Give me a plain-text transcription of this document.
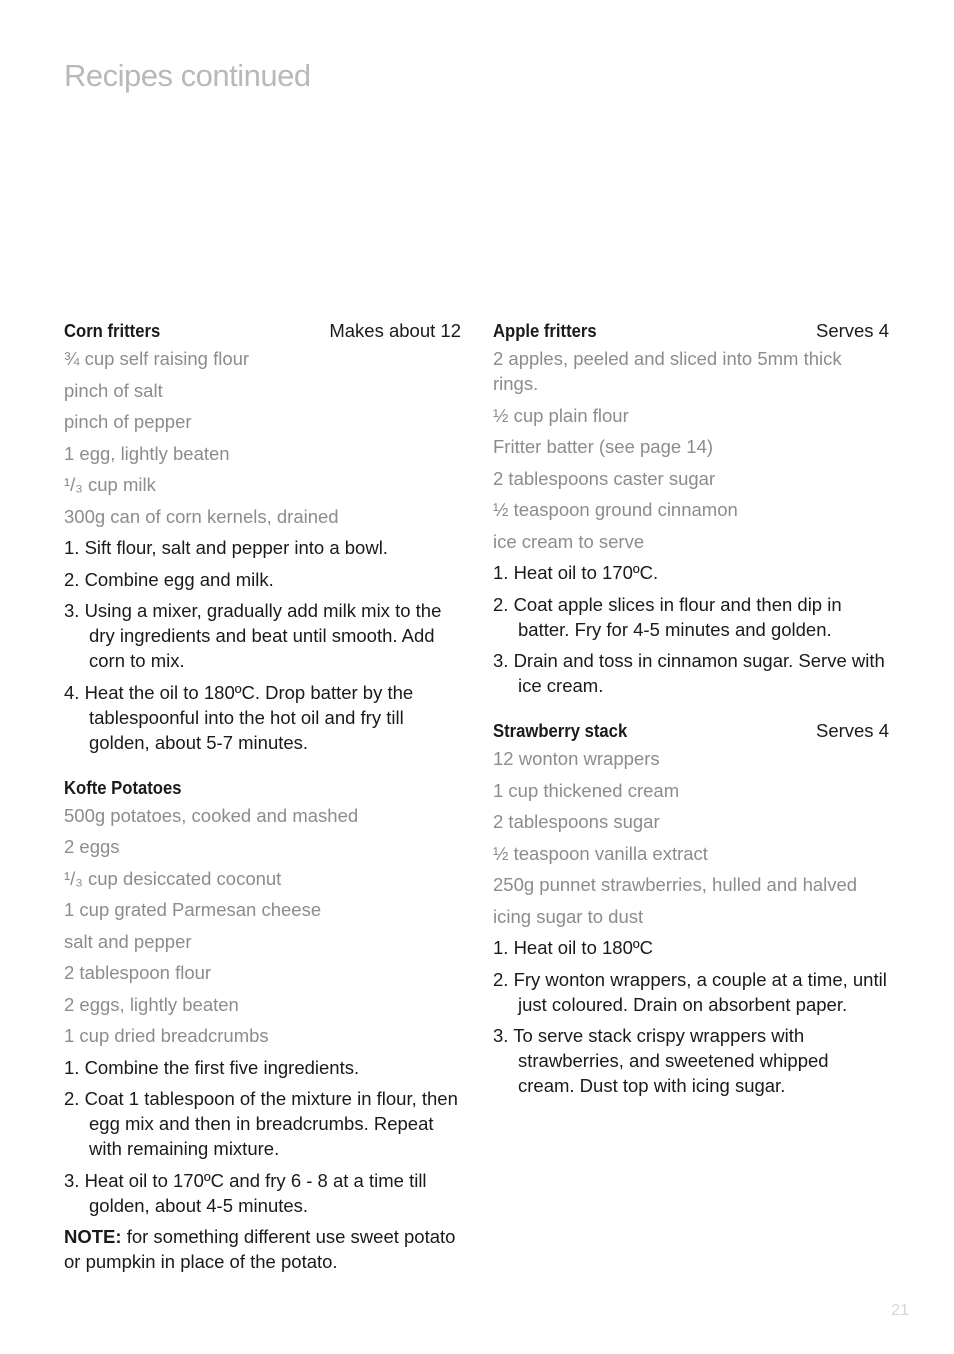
Recipes continued
Corn fritters	Makes about 12
¾ cup self raising flour
pinch of salt
pinch of pepper
1 egg, lightly beaten
¹/₃ cup milk
300g can of corn kernels, drained
1. Sift flour, salt and pepper into a bowl.
2. Combine egg and milk.
3. Using a mixer, gradually add milk mix to the dry ingredients and beat until smooth. Add corn to mix.
4. Heat the oil to 180ºC. Drop batter by the tablespoonful into the hot oil and fry till golden, about 5-7 minutes.
Kofte Potatoes
500g potatoes, cooked and mashed
2 eggs
¹/₃ cup desiccated coconut
1 cup grated Parmesan cheese
salt and pepper
2 tablespoon flour
2 eggs, lightly beaten
1 cup dried breadcrumbs
1. Combine the first five ingredients.
2. Coat 1 tablespoon of the mixture in flour, then egg mix and then in breadcrumbs. Repeat with remaining mixture.
3. Heat oil to 170ºC and fry 6 - 8 at a time till golden, about 4-5 minutes.
NOTE: for something different use sweet potato or pumpkin in place of the potato.
Apple fritters	Serves 4
2 apples, peeled and sliced into 5mm thick rings.
½ cup plain flour
Fritter batter (see page 14)
2 tablespoons caster sugar
½ teaspoon ground cinnamon
ice cream to serve
1. Heat oil to 170ºC.
2. Coat apple slices in flour and then dip in batter. Fry for 4-5 minutes and golden.
3. Drain and toss in cinnamon sugar. Serve with ice cream.
Strawberry stack	Serves 4
12 wonton wrappers
1 cup thickened cream
2 tablespoons sugar
½ teaspoon vanilla extract
250g punnet strawberries, hulled and halved
icing sugar to dust
1. Heat oil to 180ºC
2. Fry wonton wrappers, a couple at a time, until just coloured. Drain on absorbent paper.
3. To serve stack crispy wrappers with strawberries, and sweetened whipped cream. Dust top with icing sugar.
21
